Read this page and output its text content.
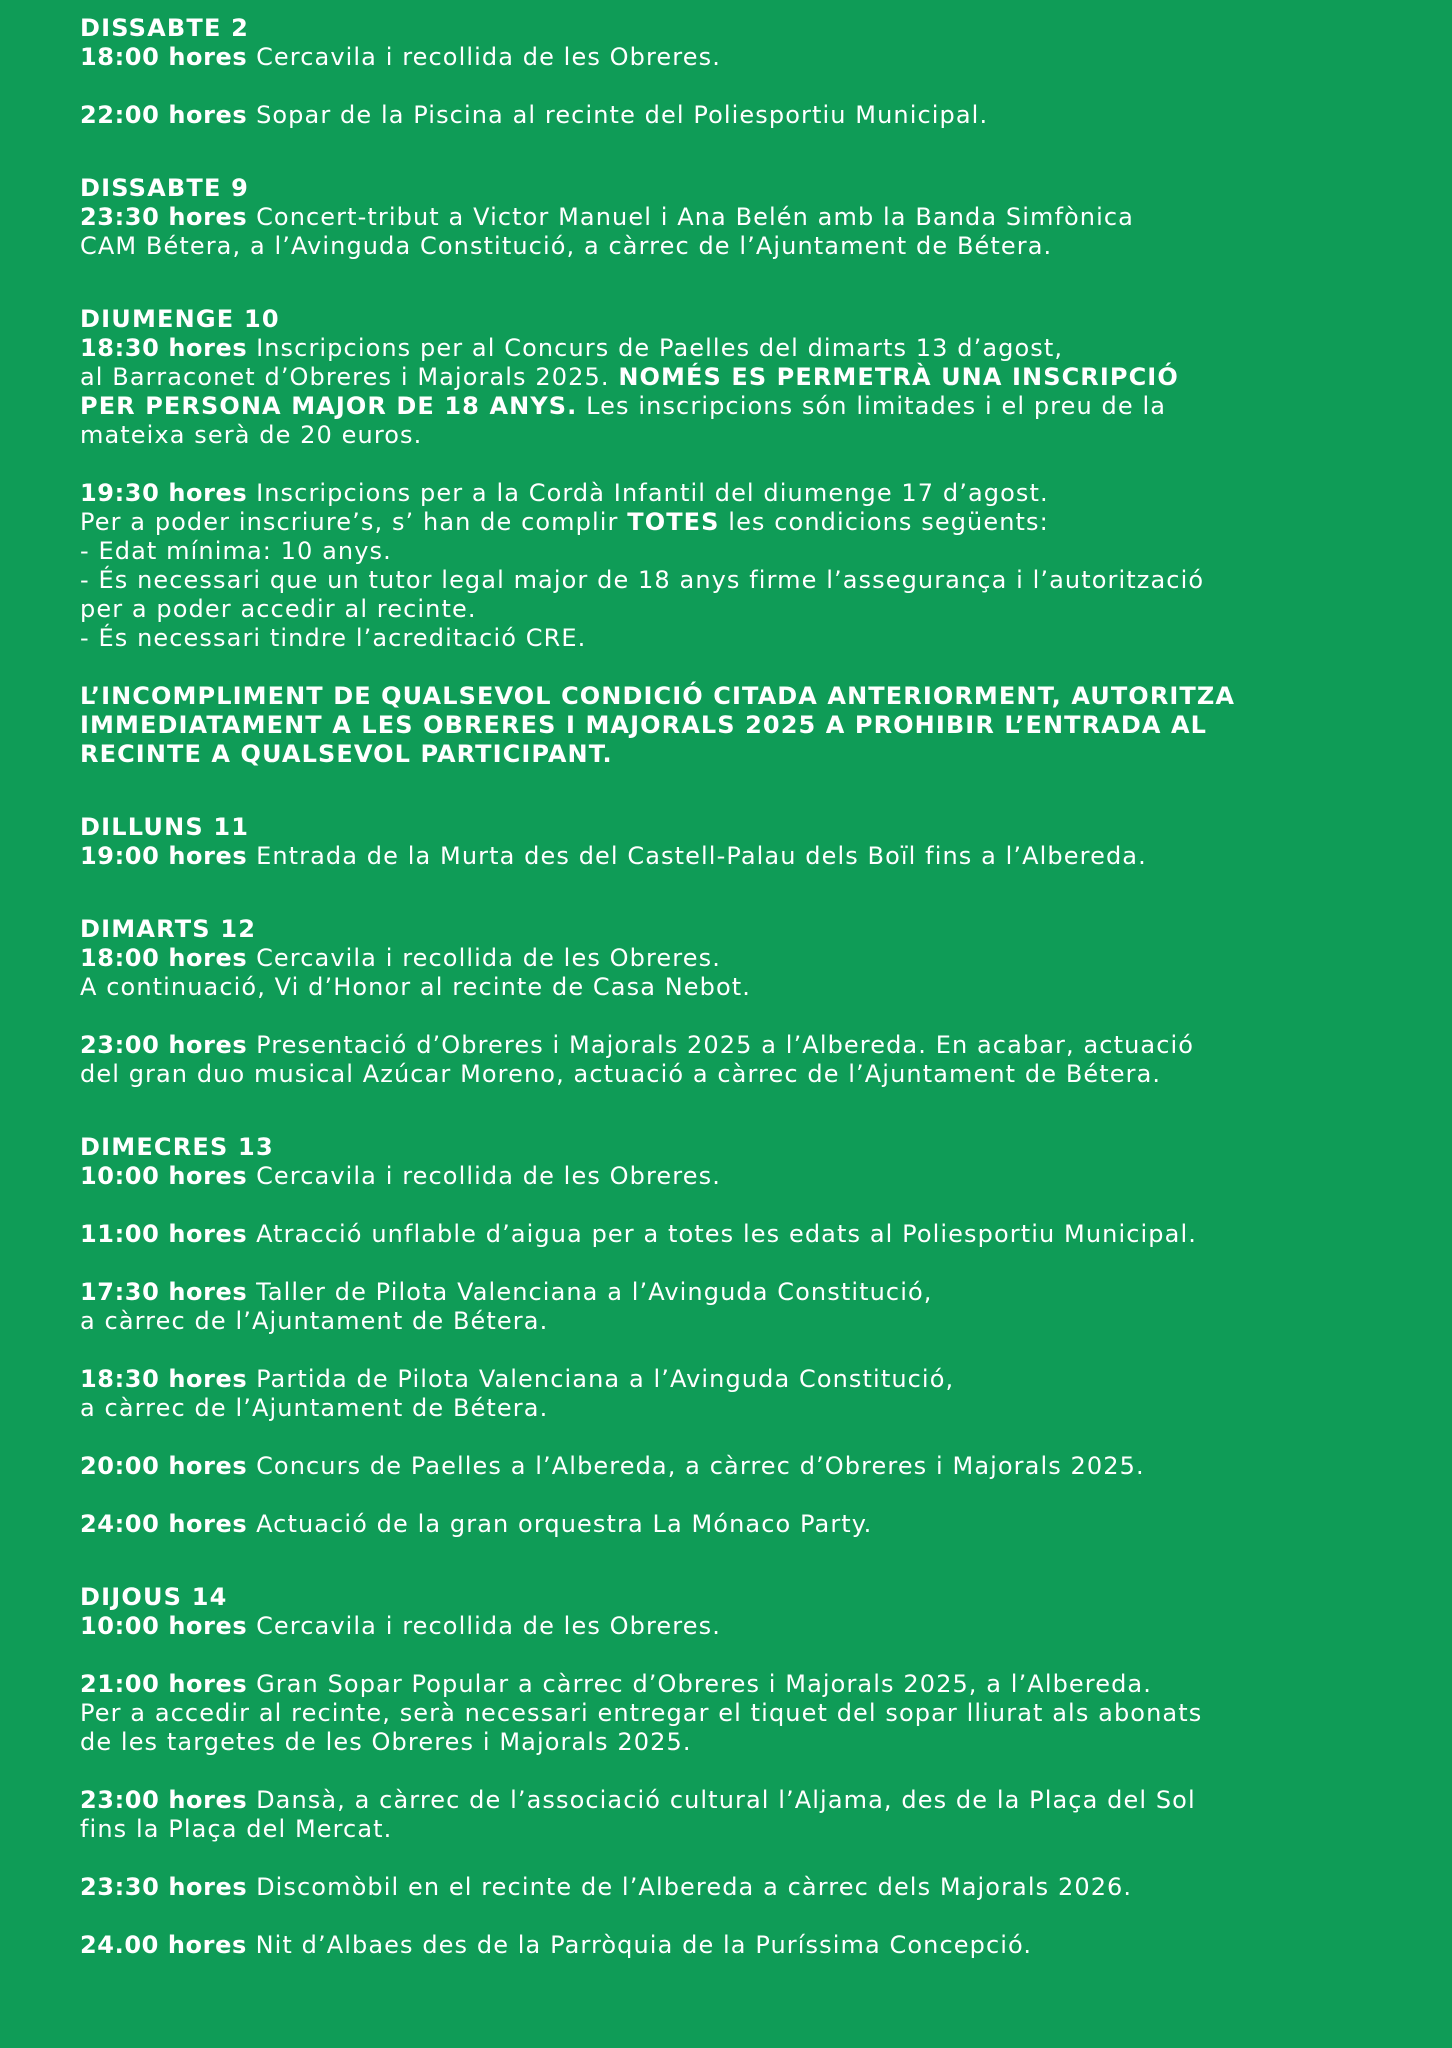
DISSABTE 2

18:00 hores Cercavila i recollida de les Obreres.

22:00 hores Sopar de la Piscina al recinte del Poliesportiu Municipal.

DISSABTE 9

23:30 hores Concert-tribut a Victor Manuel i Ana Belén amb la Banda Simfònica
CAM Bétera, a l’Avinguda Constitució, a càrrec de l’Ajuntament de Bétera.

DIUMENGE 10

18:30 hores Inscripcions per al Concurs de Paelles del dimarts 13 d’agost,
al Barraconet d’Obreres i Majorals 2025. NOMÉS ES PERMETRÀ UNA INSCRIPCIÓ
PER PERSONA MAJOR DE 18 ANYS. Les inscripcions són limitades i el preu de la
mateixa serà de 20 euros.

19:30 hores Inscripcions per a la Cordà Infantil del diumenge 17 d’agost.
Per a poder inscriure’s, s’ han de complir TOTES les condicions següents:

- Edat mínima: 10 anys.

- És necessari que un tutor legal major de 18 anys firme l’assegurança i l’autorització

per a poder accedir al recinte.

- És necessari tindre l’acreditació CRE.

L’INCOMPLIMENT DE QUALSEVOL CONDICIÓ CITADA ANTERIORMENT, AUTORITZA

IMMEDIATAMENT A LES OBRERES I MAJORALS 2025 A PROHIBIR L’ENTRADA AL

RECINTE A QUALSEVOL PARTICIPANT.

DILLUNS 11

19:00 hores Entrada de la Murta des del Castell-Palau dels Boïl fins a l’Albereda.

DIMARTS 12

18:00 hores Cercavila i recollida de les Obreres.
A continuació, Vi d’Honor al recinte de Casa Nebot.

23:00 hores Presentació d’Obreres i Majorals 2025 a l’Albereda. En acabar, actuació
del gran duo musical Azúcar Moreno, actuació a càrrec de l’Ajuntament de Bétera.

DIMECRES 13

10:00 hores Cercavila i recollida de les Obreres.

11:00 hores Atracció unflable d’aigua per a totes les edats al Poliesportiu Municipal.

17:30 hores Taller de Pilota Valenciana a l’Avinguda Constitució,
a càrrec de l’Ajuntament de Bétera.

18:30 hores Partida de Pilota Valenciana a l’Avinguda Constitució,
a càrrec de l’Ajuntament de Bétera.

20:00 hores Concurs de Paelles a l’Albereda, a càrrec d’Obreres i Majorals 2025.

24:00 hores Actuació de la gran orquestra La Mónaco Party.

DIJOUS 14

10:00 hores Cercavila i recollida de les Obreres.

21:00 hores Gran Sopar Popular a càrrec d’Obreres i Majorals 2025, a l’Albereda.
Per a accedir al recinte, serà necessari entregar el tiquet del sopar lliurat als abonats
de les targetes de les Obreres i Majorals 2025.

23:00 hores Dansà, a càrrec de l’associació cultural l’Aljama, des de la Plaça del Sol
fins la Plaça del Mercat.

23:30 hores Discomòbil en el recinte de l’Albereda a càrrec dels Majorals 2026.

24.00 hores Nit d’Albaes des de la Parròquia de la Puríssima Concepció.
